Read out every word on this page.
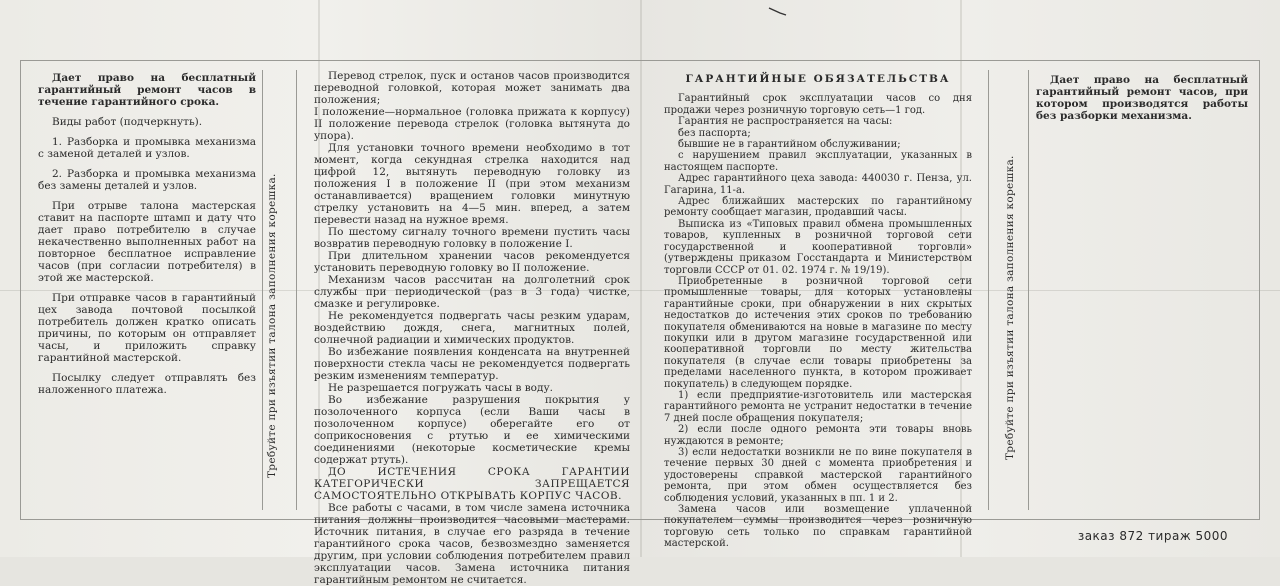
Дает право на бесплатный гарантийный ремонт часов в течение гарантийного срока.

Виды работ (подчеркнуть).

1. Разборка и промывка механизма с заменой деталей и узлов.

2. Разборка и промывка механизма без замены деталей и узлов.

При отрыве талона мастерская ставит на паспорте штамп и дату что дает право потребителю в случае некачественно выполненных работ на повторное бесплатное исправление часов (при согласии потребителя) в этой же мастерской.

При отправке часов в гарантийный цех завода почтовой посылкой потребитель должен кратко описать причины, по которым он отправляет часы, и приложить справку гарантийной мастерской.

Посылку следует отправлять без наложенного платежа.	Требуйте при изъятии талона заполнения корешка.

Перевод стрелок, пуск и останов часов производится переводной головкой, которая может занимать два положения;

I положение—нормальное (головка прижата к корпусу) II положение перевода стрелок (головка вытянута до упора).

Для установки точного времени необходимо в тот момент, когда секундная стрелка находится над цифрой 12, вытянуть переводную головку из положения I в положение II (при этом механизм останавливается) вращением головки минутную стрелку установить на 4—5 мин. вперед, а затем перевести назад на нужное время.

По шестому сигналу точного времени пустить часы возвратив переводную головку в положение I.

При длительном хранении часов рекомендуется установить переводную головку во II положение.

Механизм часов рассчитан на долголетний срок службы при периодической (раз в 3 года) чистке, смазке и регулировке.

Не рекомендуется подвергать часы резким ударам, воздействию дождя, снега, магнитных полей, солнечной радиации и химических продуктов.

Во избежание появления конденсата на внутренней поверхности стекла часы не рекомендуется подвергать резким изменениям температур.

Не разрешается погружать часы в воду.

Во избежание разрушения покрытия у позолоченного корпуса (если Ваши часы в позолоченном корпусе) оберегайте его от соприкосновения с ртутью и ее химическими соединениями (некоторые косметические кремы содержат ртуть).

ДО ИСТЕЧЕНИЯ СРОКА ГАРАНТИИ КАТЕГОРИЧЕСКИ ЗАПРЕЩАЕТСЯ САМОСТОЯТЕЛЬНО ОТКРЫВАТЬ КОРПУС ЧАСОВ.

Все работы с часами, в том числе замена источника питания должны производится часовыми мастерами. Источник питания, в случае его разряда в течение гарантийного срока часов, безвозмездно заменяется другим, при условии соблюдения потребителем правил эксплуатации часов. Замена источника питания гарантийным ремонтом не считается.

ГАРАНТИЙНЫЕ ОБЯЗАТЕЛЬСТВА

Гарантийный срок эксплуатации часов со дня продажи через розничную торговую сеть—1 год.

Гарантия не распространяется на часы:

без паспорта;

бывшие не в гарантийном обслуживании;

с нарушением правил эксплуатации, указанных в настоящем паспорте.

Адрес гарантийного цеха завода: 440030 г. Пенза, ул. Гагарина, 11-а.

Адрес ближайших мастерских по гарантийному ремонту сообщает магазин, продавший часы.

Выписка из «Типовых правил обмена промышленных товаров, купленных в розничной торговой сети государственной и кооперативной торговли» (утверждены приказом Госстандарта и Министерством торговли СССР от 01. 02. 1974 г. № 19/19).

Приобретенные в розничной торговой сети промышленные товары, для которых установлены гарантийные сроки, при обнаружении в них скрытых недостатков до истечения этих сроков по требованию покупателя обмениваются на новые в магазине по месту покупки или в другом магазине государственной или кооперативной торговли по месту жительства покупателя (в случае если товары приобретены за пределами населенного пункта, в котором проживает покупатель) в следующем порядке.

1) если предприятие-изготовитель или мастерская гарантийного ремонта не устранит недостатки в течение 7 дней после обращения покупателя;

2) если после одного ремонта эти товары вновь нуждаются в ремонте;

3) если недостатки возникли не по вине покупателя в течение первых 30 дней с момента приобретения и удостоверены справкой мастерской гарантийного ремонта, при этом обмен осуществляется без соблюдения условий, указанных в пп. 1 и 2.

Замена часов или возмещение уплаченной покупателем суммы производится через розничную торговую сеть только по справкам гарантийной мастерской.

Требуйте при изъятии талона заполнения корешка.

Дает право на бесплатный гарантийный ремонт часов, при котором производятся работы без разборки механизма.

заказ 872 тираж 5000
